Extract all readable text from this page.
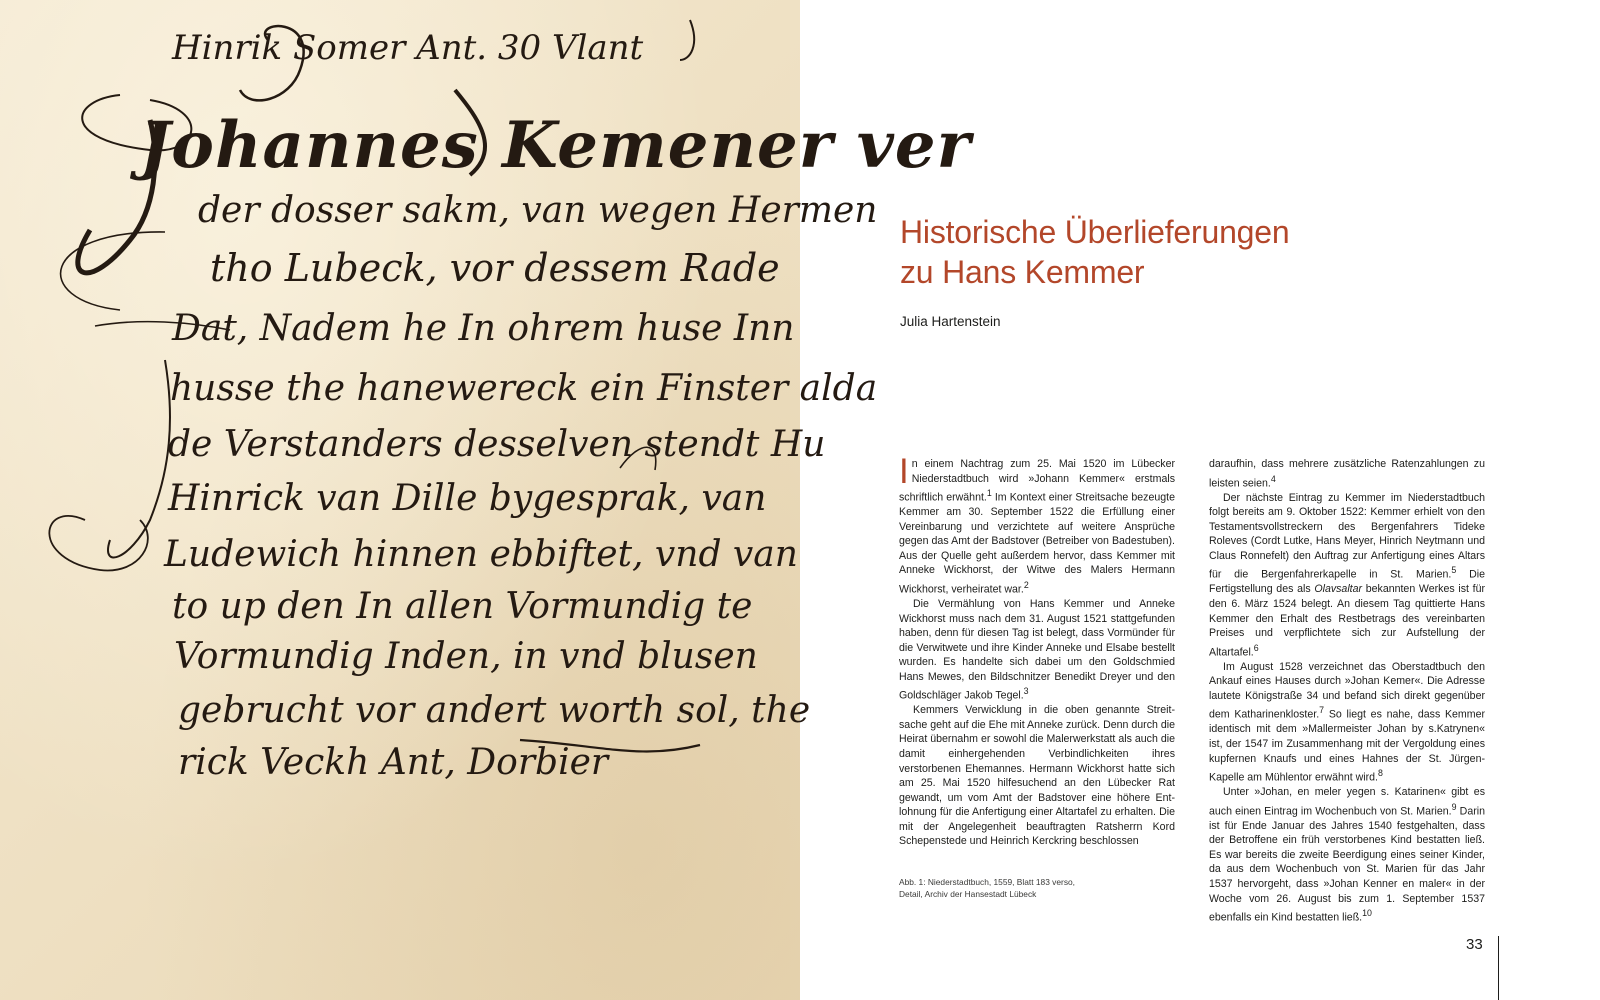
Hinrik Somer Ant. 30 Vlant
Johannes Kemener ver
der dosser sakm, van wegen Hermen
tho Lubeck, vor dessem Rade
Dat, Nadem he In ohrem huse Inn
husse the hanewereck ein Finster alda
de Verstanders desselven stendt Hu
Hinrick van Dille bygesprak, van
Ludewich hinnen ebbiftet, vnd van
to up den In allen Vormundig te
Vormundig Inden, in vnd blusen
gebrucht vor andert worth sol, the
rick Veckh Ant, Dorbier
Historische Überlieferungen
zu Hans Kemmer
Julia Hartenstein

In einem Nachtrag zum 25. Mai 1520 im Lübecker Niederstadtbuch wird »Johann Kemmer« erstmals schriftlich erwähnt.$^1$ Im Kontext einer Streitsache bezeugte Kemmer am 30. September 1522 die Erfüllung einer Vereinbarung und verzichtete auf weitere Ansprüche gegen das Amt der Badstover (Betreiber von Badestuben). Aus der Quelle geht außerdem hervor, dass Kemmer mit Anneke Wickhorst, der Witwe des Malers Hermann Wickhorst, verheiratet war.$^2$

Die Vermählung von Hans Kemmer und Anneke Wickhorst muss nach dem 31. August 1521 stattgefunden haben, denn für diesen Tag ist belegt, dass Vormünder für die Verwitwete und ihre Kinder Anneke und Elsabe bestellt wurden. Es handelte sich dabei um den Goldschmied Hans Mewes, den Bildschnitzer Benedikt Dreyer und den Goldschläger Jakob Tegel.$^3$

Kemmers Verwicklung in die oben genannte Streitsache geht auf die Ehe mit Anneke zurück. Denn durch die Heirat übernahm er sowohl die Malerwerkstatt als auch die damit einhergehenden Verbindlichkeiten ihres verstorbenen Ehemannes. Hermann Wickhorst hatte sich am 25. Mai 1520 hilfesuchend an den Lübecker Rat gewandt, um vom Amt der Badstover eine höhere Entlohnung für die Anfertigung einer Altartafel zu erhalten. Die mit der Angelegenheit beauftragten Ratsherrn Kord Schepenstede und Heinrich Kerckring beschlossen

daraufhin, dass mehrere zusätzliche Ratenzahlungen zu leisten seien.$^4$

Der nächste Eintrag zu Kemmer im Niederstadtbuch folgt bereits am 9. Oktober 1522: Kemmer erhielt von den Testamentsvollstreckern des Bergenfahrers Tideke Roleves (Cordt Lutke, Hans Meyer, Hinrich Neytmann und Claus Ronnefelt) den Auftrag zur Anfertigung eines Altars für die Bergenfahrerkapelle in St. Marien.$^5$ Die Fertigstellung des als Olavsaltar bekannten Werkes ist für den 6. März 1524 belegt. An diesem Tag quittierte Hans Kemmer den Erhalt des Restbetrags des vereinbarten Preises und verpflichtete sich zur Aufstellung der Altartafel.$^6$

Im August 1528 verzeichnet das Oberstadtbuch den Ankauf eines Hauses durch »Johan Kemer«. Die Adresse lautete Königstraße 34 und befand sich direkt gegenüber dem Katharinenkloster.$^7$ So liegt es nahe, dass Kemmer identisch mit dem »Mallermeister Johan by s.Katrynen« ist, der 1547 im Zusammenhang mit der Vergoldung eines kupfernen Knaufs und eines Hahnes der St. Jürgen-Kapelle am Mühlentor erwähnt wird.$^8$

Unter »Johan, en meler yegen s. Katarinen« gibt es auch einen Eintrag im Wochenbuch von St. Marien.$^9$ Darin ist für Ende Januar des Jahres 1540 festgehalten, dass der Betroffene ein früh verstorbenes Kind bestatten ließ. Es war bereits die zweite Beerdigung eines seiner Kinder, da aus dem Wochenbuch von St. Marien für das Jahr 1537 hervorgeht, dass »Johan Kenner en maler« in der Woche vom 26. August bis zum 1. September 1537 ebenfalls ein Kind bestatten ließ.$^{10}$

Abb. 1: Niederstadtbuch, 1559, Blatt 183 verso,
Detail, Archiv der Hansestadt Lübeck
33
